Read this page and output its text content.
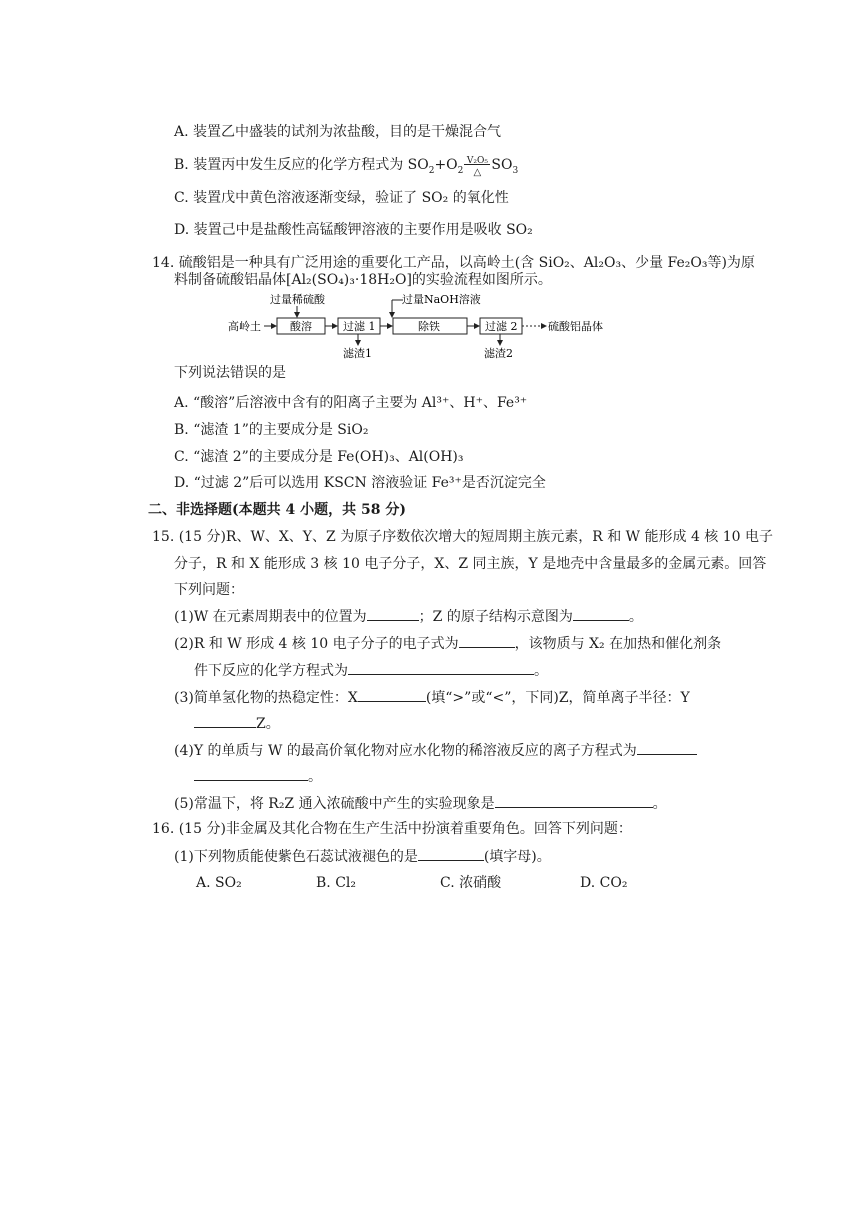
A. 装置乙中盛装的试剂为浓盐酸，目的是干燥混合气
B. 装置丙中发生反应的化学方程式为 $SO_2+O_2$
V₂O₅
△ $SO_3$
C. 装置戊中黄色溶液逐渐变绿，验证了 SO₂ 的氧化性
D. 装置己中是盐酸性高锰酸钾溶液的主要作用是吸收 SO₂
14. 硫酸铝是一种具有广泛用途的重要化工产品，以高岭土(含 SiO₂、Al₂O₃、少量 Fe₂O₃等)为原
料制备硫酸铝晶体[Al₂(SO₄)₃·18H₂O]的实验流程如图所示。
过量稀硫酸	过量NaOH溶液
高岭土	酸溶	过滤 1	除铁	过滤 2	硫酸铝晶体
滤渣1	滤渣2
下列说法错误的是
A. “酸溶”后溶液中含有的阳离子主要为 Al³⁺、H⁺、Fe³⁺
B. “滤渣 1”的主要成分是 SiO₂
C. “滤渣 2”的主要成分是 Fe(OH)₃、Al(OH)₃
D. “过滤 2”后可以选用 KSCN 溶液验证 Fe³⁺是否沉淀完全
二、非选择题(本题共 4 小题，共 58 分)
15. (15 分)R、W、X、Y、Z 为原子序数依次增大的短周期主族元素，R 和 W 能形成 4 核 10 电子
分子，R 和 X 能形成 3 核 10 电子分子，X、Z 同主族，Y 是地壳中含量最多的金属元素。回答
下列问题：
(1)W 在元素周期表中的位置为	；Z 的原子结构示意图为	。
(2)R 和 W 形成 4 核 10 电子分子的电子式为	，该物质与 X₂ 在加热和催化剂条
件下反应的化学方程式为	。
(3)简单氢化物的热稳定性：X	(填“>”或“<”，下同)Z，简单离子半径：Y
Z。
(4)Y 的单质与 W 的最高价氧化物对应水化物的稀溶液反应的离子方程式为
。
(5)常温下，将 R₂Z 通入浓硫酸中产生的实验现象是	。
16. (15 分)非金属及其化合物在生产生活中扮演着重要角色。回答下列问题：
(1)下列物质能使紫色石蕊试液褪色的是	(填字母)。
A. SO₂	B. Cl₂	C. 浓硝酸	D. CO₂
